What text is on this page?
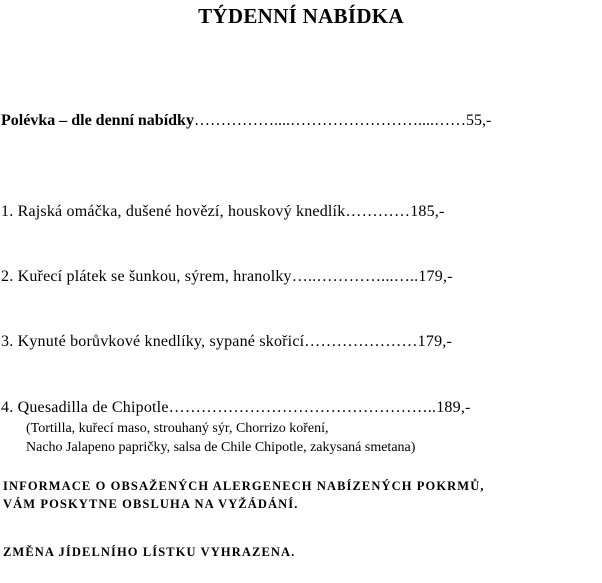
TÝDENNÍ NABÍDKA

Polévka – dle denní nabídky……………....……………………....……55,-

1. Rajská omáčka, dušené hovězí, houskový knedlík…………185,-

2. Kuřecí plátek se šunkou, sýrem, hranolky…..…………...…..179,-

3. Kynuté borůvkové knedlíky, sypané skořicí…………………179,-

4. Quesadilla de Chipotle…………………………………………..189,-

(Tortilla, kuřecí maso, strouhaný sýr, Chorrizo koření,

Nacho Jalapeno papričky, salsa de Chile Chipotle, zakysaná smetana)

INFORMACE O OBSAŽENÝCH ALERGENECH NABÍZENÝCH POKRMŮ,

VÁM POSKYTNE OBSLUHA NA VYŽÁDÁNÍ.

ZMĚNA JÍDELNÍHO LÍSTKU VYHRAZENA.
